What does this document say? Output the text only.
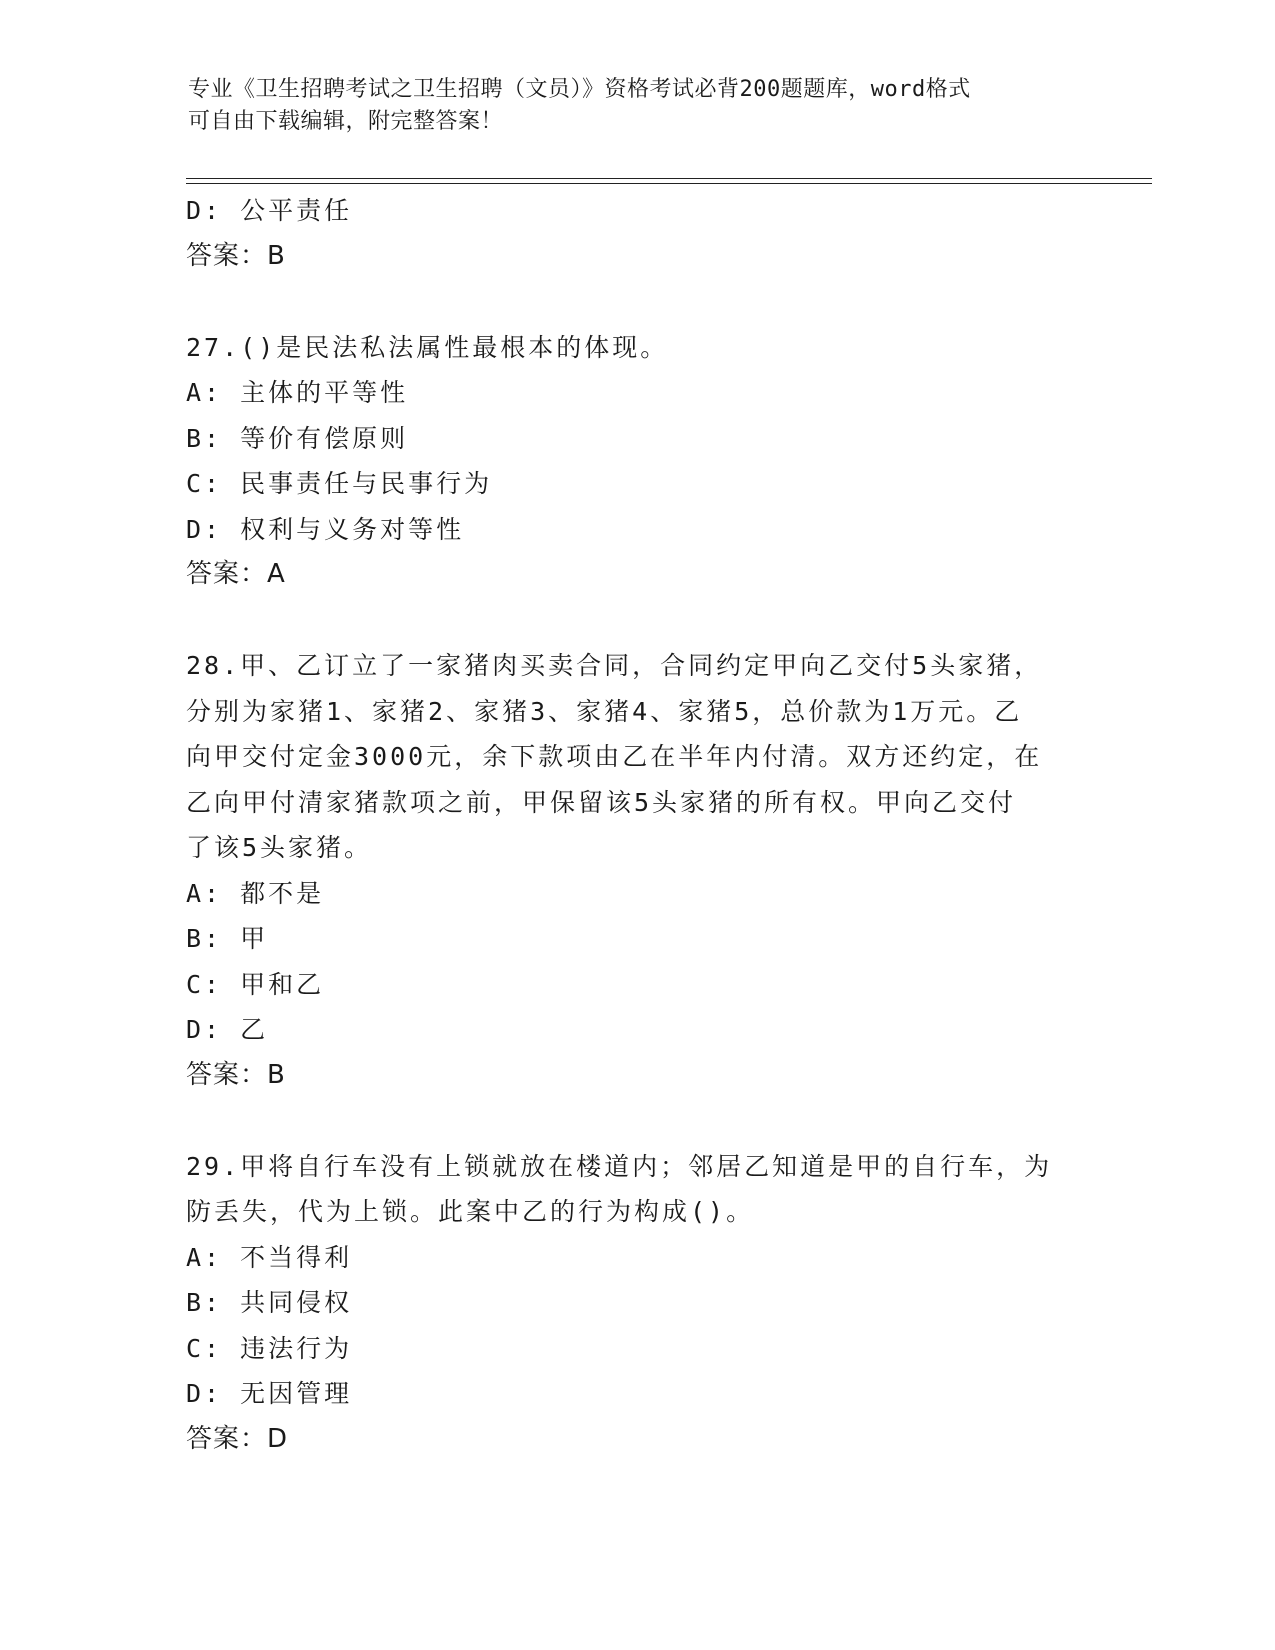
专业《卫生招聘考试之卫生招聘（文员）》资格考试必背200题题库，word格式
可自由下载编辑，附完整答案！
D: 公平责任
答案：B
27.()是民法私法属性最根本的体现。
A: 主体的平等性
B: 等价有偿原则
C: 民事责任与民事行为
D: 权利与义务对等性
答案：A
28.甲、乙订立了一家猪肉买卖合同，合同约定甲向乙交付5头家猪，
分别为家猪1、家猪2、家猪3、家猪4、家猪5，总价款为1万元。乙
向甲交付定金3000元，余下款项由乙在半年内付清。双方还约定，在
乙向甲付清家猪款项之前，甲保留该5头家猪的所有权。甲向乙交付
了该5头家猪。
A: 都不是
B: 甲
C: 甲和乙
D: 乙
答案：B
29.甲将自行车没有上锁就放在楼道内；邻居乙知道是甲的自行车，为
防丢失，代为上锁。此案中乙的行为构成()。
A: 不当得利
B: 共同侵权
C: 违法行为
D: 无因管理
答案：D
